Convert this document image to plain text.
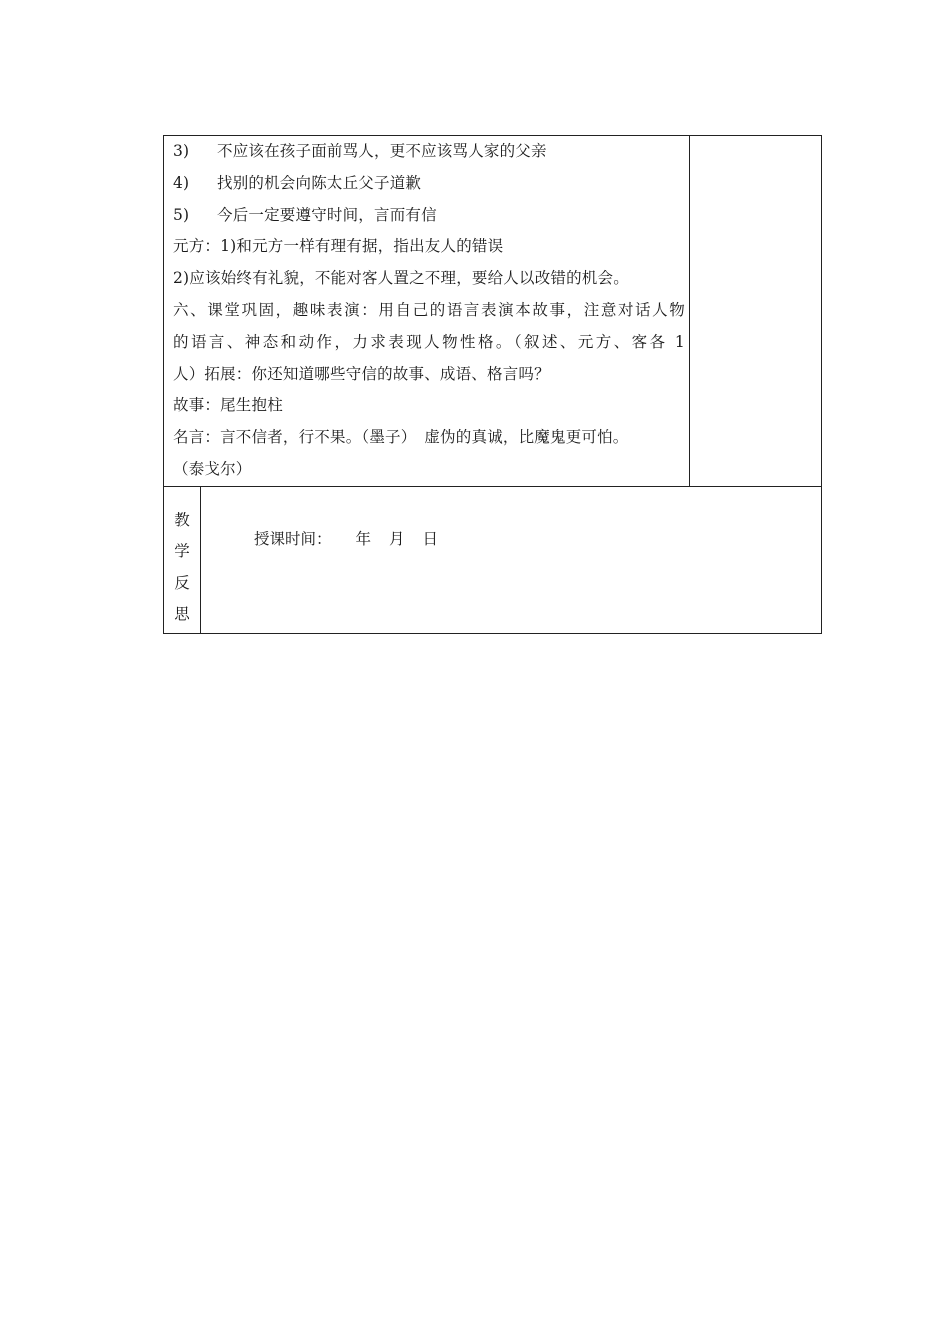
3) 不应该在孩子面前骂人，更不应该骂人家的父亲
4) 找别的机会向陈太丘父子道歉
5) 今后一定要遵守时间，言而有信
元方：1)和元方一样有理有据，指出友人的错误
2)应该始终有礼貌，不能对客人置之不理，要给人以改错的机会。
六、课堂巩固，趣味表演：用自己的语言表演本故事，注意对话人物
的语言、神态和动作，力求表现人物性格。（叙述、元方、客各 1
人）拓展：你还知道哪些守信的故事、成语、格言吗？
故事：尾生抱柱
名言：言不信者，行不果。（墨子）　虚伪的真诚，比魔鬼更可怕。
（泰戈尔）
教
学
反
思
授课时间： 年 月 日
